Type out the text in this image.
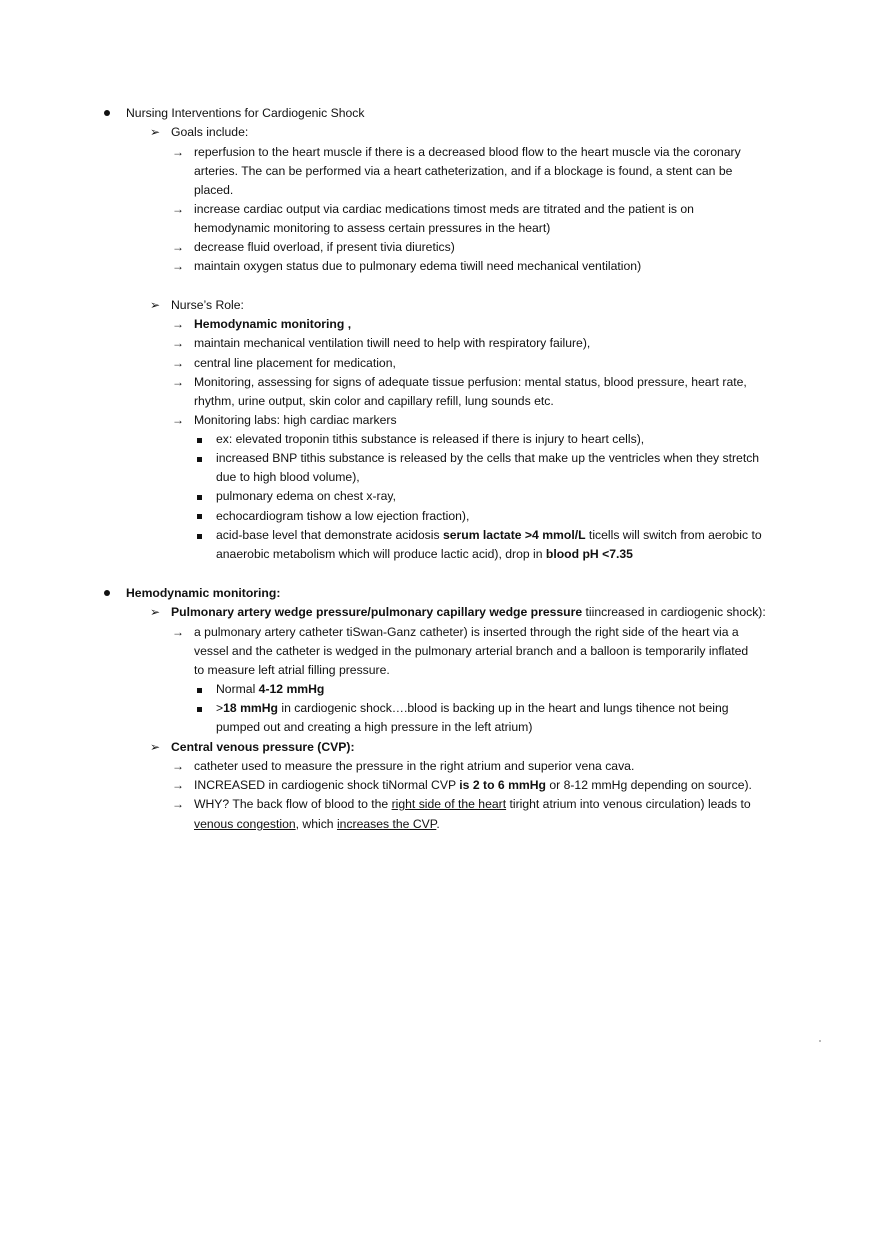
Nursing Interventions for Cardiogenic Shock
➢ Goals include:
→ reperfusion to the heart muscle if there is a decreased blood flow to the heart muscle via the coronary
arteries. The can be performed via a heart catheterization, and if a blockage is found, a stent can be
placed.
→ increase cardiac output via cardiac medications timost meds are titrated and the patient is on
hemodynamic monitoring to assess certain pressures in the heart)
→ decrease fluid overload, if present tivia diuretics)
→ maintain oxygen status due to pulmonary edema tiwill need mechanical ventilation)
➢ Nurse’s Role:
→ Hemodynamic monitoring ,
→ maintain mechanical ventilation tiwill need to help with respiratory failure),
→ central line placement for medication,
→ Monitoring, assessing for signs of adequate tissue perfusion: mental status, blood pressure, heart rate,
rhythm, urine output, skin color and capillary refill, lung sounds etc.
→ Monitoring labs: high cardiac markers
ex: elevated troponin tithis substance is released if there is injury to heart cells),
increased BNP tithis substance is released by the cells that make up the ventricles when they stretch
due to high blood volume),
pulmonary edema on chest x-ray,
echocardiogram tishow a low ejection fraction),
acid-base level that demonstrate acidosis serum lactate >4 mmol/L ticells will switch from aerobic to
anaerobic metabolism which will produce lactic acid), drop in blood pH <7.35
Hemodynamic monitoring:
➢ Pulmonary artery wedge pressure/pulmonary capillary wedge pressure tiincreased in cardiogenic shock):
→ a pulmonary artery catheter tiSwan-Ganz catheter) is inserted through the right side of the heart via a
vessel and the catheter is wedged in the pulmonary arterial branch and a balloon is temporarily inflated
to measure left atrial filling pressure.
Normal 4-12 mmHg
>18 mmHg in cardiogenic shock….blood is backing up in the heart and lungs tihence not being
pumped out and creating a high pressure in the left atrium)
➢ Central venous pressure (CVP):
→ catheter used to measure the pressure in the right atrium and superior vena cava.
→ INCREASED in cardiogenic shock tiNormal CVP is 2 to 6 mmHg or 8-12 mmHg depending on source).
→ WHY? The back flow of blood to the right side of the heart tiright atrium into venous circulation) leads to
venous congestion, which increases the CVP.
